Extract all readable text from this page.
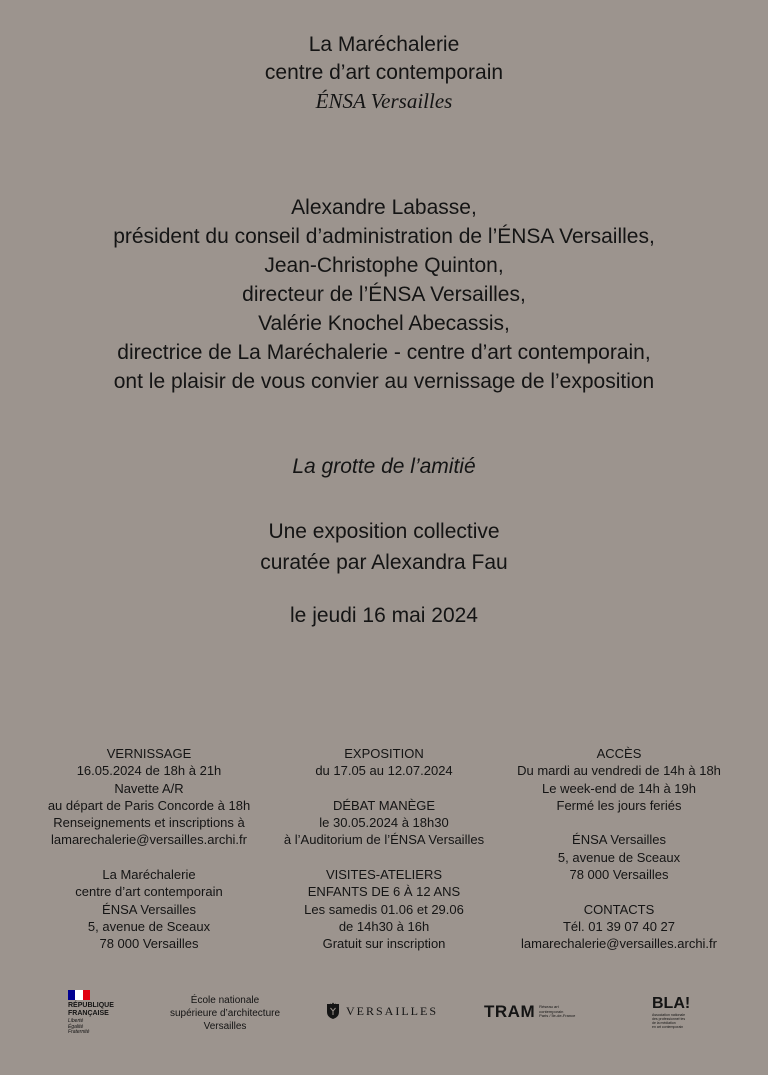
La Maréchalerie
centre d’art contemporain
ÉNSA Versailles
Alexandre Labasse,
président du conseil d’administration de l’ÉNSA Versailles,
Jean-Christophe Quinton,
directeur de l’ÉNSA Versailles,
Valérie Knochel Abecassis,
directrice de La Maréchalerie - centre d’art contemporain,
ont le plaisir de vous convier au vernissage de l’exposition
La grotte de l’amitié
Une exposition collective
curatée par Alexandra Fau
le jeudi 16 mai 2024
VERNISSAGE
16.05.2024 de 18h à 21h
Navette A/R
au départ de Paris Concorde à 18h
Renseignements et inscriptions à
lamarechalerie@versailles.archi.fr
La Maréchalerie
centre d’art contemporain
ÉNSA Versailles
5, avenue de Sceaux
78 000 Versailles
EXPOSITION
du 17.05 au 12.07.2024
DÉBAT MANÈGE
le 30.05.2024 à 18h30
à l’Auditorium de l’ÉNSA Versailles
VISITES-ATELIERS
ENFANTS DE 6 À 12 ANS
Les samedis 01.06 et 29.06
de 14h30 à 16h
Gratuit sur inscription
ACCÈS
Du mardi au vendredi de 14h à 18h
Le week-end de 14h à 19h
Fermé les jours feriés
ÉNSA Versailles
5, avenue de Sceaux
78 000 Versailles
CONTACTS
Tél. 01 39 07 40 27
lamarechalerie@versailles.archi.fr
RÉPUBLIQUE
FRANÇAISE
Liberté
Égalité
Fraternité
École nationale
supérieure d’architecture
Versailles
VERSAILLES	TRAM Réseau art
contemporain
Paris / Île-de-France
BLA!
Association nationale
des professionnel·les
de la médiation
en art contemporain
